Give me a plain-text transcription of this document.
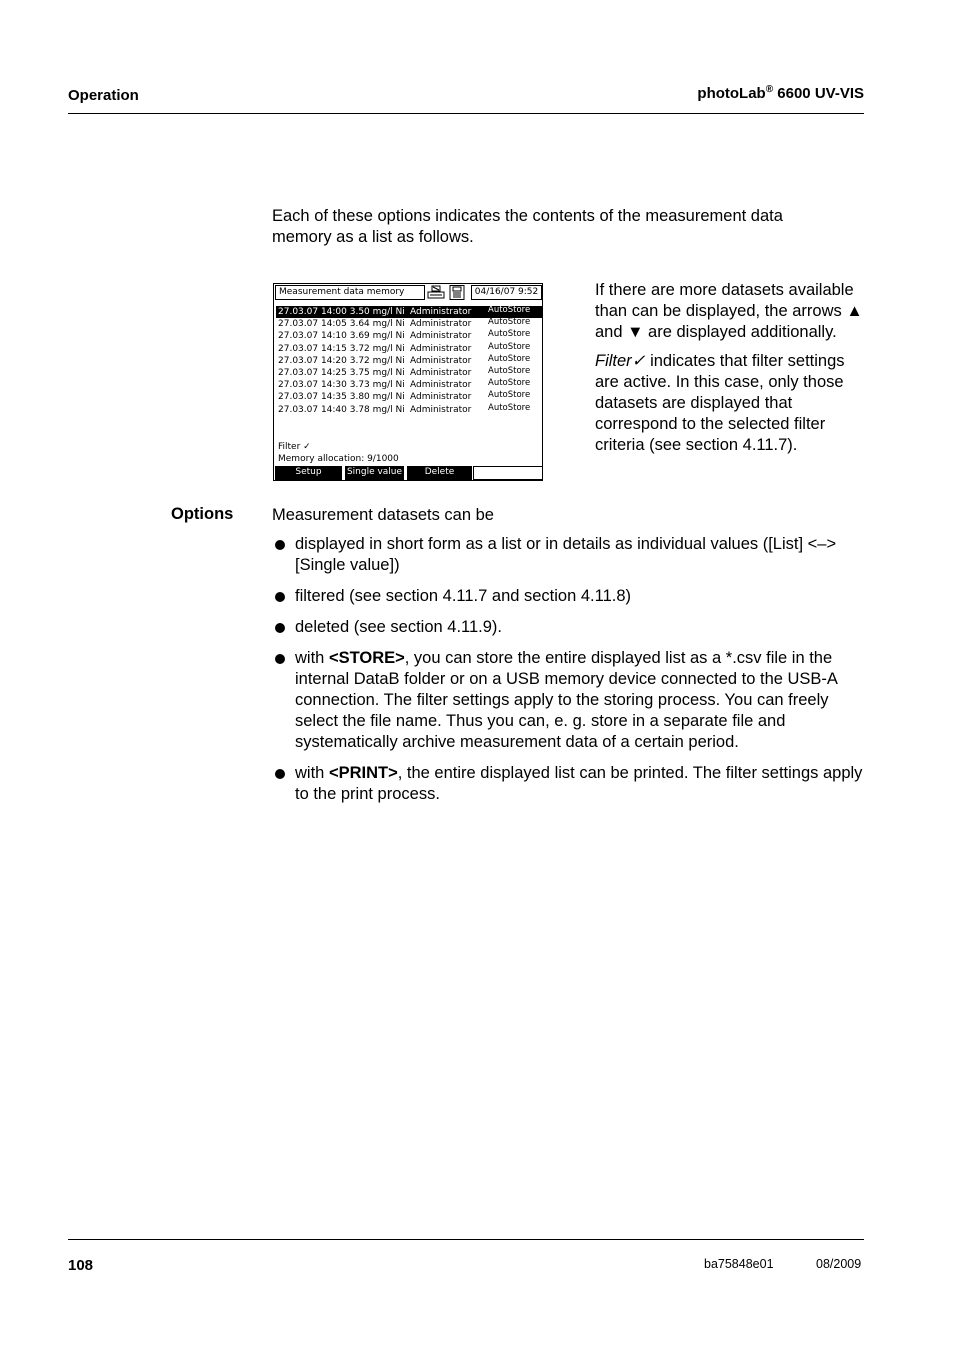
Operation	photoLab® 6600 UV-VIS
Each of these options indicates the contents of the measurement data memory as a list as follows.
Measurement data memory	04/16/07 9:52
27.03.07 14:00 3.50 mg/l Ni Administrator AutoStore
27.03.07 14:05 3.64 mg/l Ni Administrator AutoStore
27.03.07 14:10 3.69 mg/l Ni Administrator AutoStore
27.03.07 14:15 3.72 mg/l Ni Administrator AutoStore
27.03.07 14:20 3.72 mg/l Ni Administrator AutoStore
27.03.07 14:25 3.75 mg/l Ni Administrator AutoStore
27.03.07 14:30 3.73 mg/l Ni Administrator AutoStore
27.03.07 14:35 3.80 mg/l Ni Administrator AutoStore
27.03.07 14:40 3.78 mg/l Ni Administrator AutoStore
Filter ✓
Memory allocation: 9/1000
Setup	Single value	Delete

If there are more datasets available than can be displayed, the arrows ▲ and ▼ are displayed additionally.

Filter✓ indicates that filter settings are active. In this case, only those datasets are displayed that correspond to the selected filter criteria (see section 4.11.7).

Options Measurement datasets can be
displayed in short form as a list or in details as individual values ([List] <–> [Single value])
filtered (see section 4.11.7 and section 4.11.8)
deleted (see section 4.11.9).
with <STORE>, you can store the entire displayed list as a *.csv file in the internal DataB folder or on a USB memory device connected to the USB-A connection. The filter settings apply to the storing process. You can freely select the file name. Thus you can, e. g. store in a separate file and systematically archive measurement data of a certain period.
with <PRINT>, the entire displayed list can be printed. The filter settings apply to the print process.
108	ba75848e01	08/2009
